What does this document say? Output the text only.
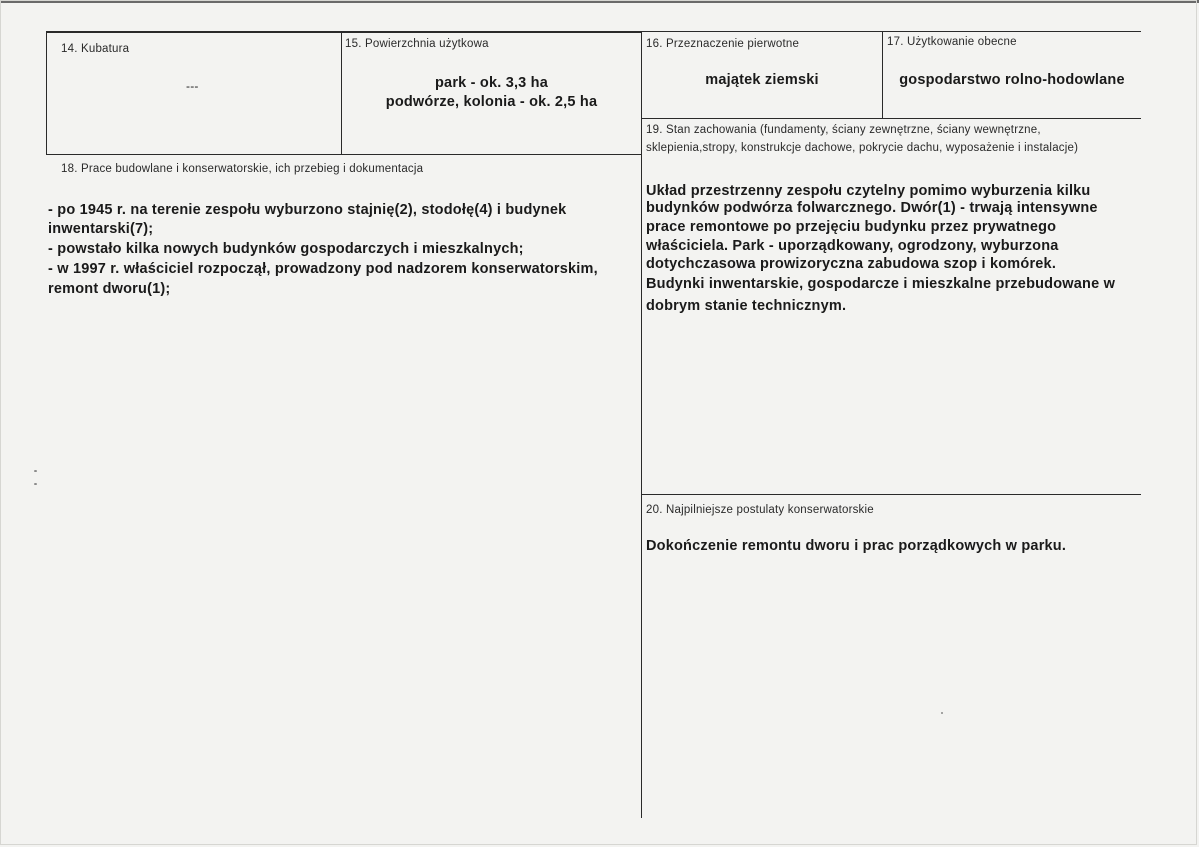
14. Kubatura
---
15. Powierzchnia użytkowa
park - ok. 3,3 ha
podwórze, kolonia - ok. 2,5 ha
16. Przeznaczenie pierwotne
majątek ziemski
17. Użytkowanie obecne
gospodarstwo rolno-hodowlane
18. Prace budowlane i konserwatorskie, ich przebieg i dokumentacja
- po 1945 r. na terenie zespołu wyburzono stajnię(2), stodołę(4) i budynek
inwentarski(7);
- powstało kilka nowych budynków gospodarczych i mieszkalnych;
- w 1997 r. właściciel rozpoczął, prowadzony pod nadzorem konserwatorskim,
remont dworu(1);
19. Stan zachowania (fundamenty, ściany zewnętrzne, ściany wewnętrzne,
sklepienia,stropy, konstrukcje dachowe, pokrycie dachu, wyposażenie i instalacje)
Układ przestrzenny zespołu czytelny pomimo wyburzenia kilku
budynków podwórza folwarcznego. Dwór(1) - trwają intensywne
prace remontowe po przejęciu budynku przez prywatnego
właściciela. Park - uporządkowany, ogrodzony, wyburzona
dotychczasowa prowizoryczna zabudowa szop i komórek.
Budynki inwentarskie, gospodarcze i mieszkalne przebudowane w
dobrym stanie technicznym.
20. Najpilniejsze postulaty konserwatorskie
Dokończenie remontu dworu i prac porządkowych w parku.
